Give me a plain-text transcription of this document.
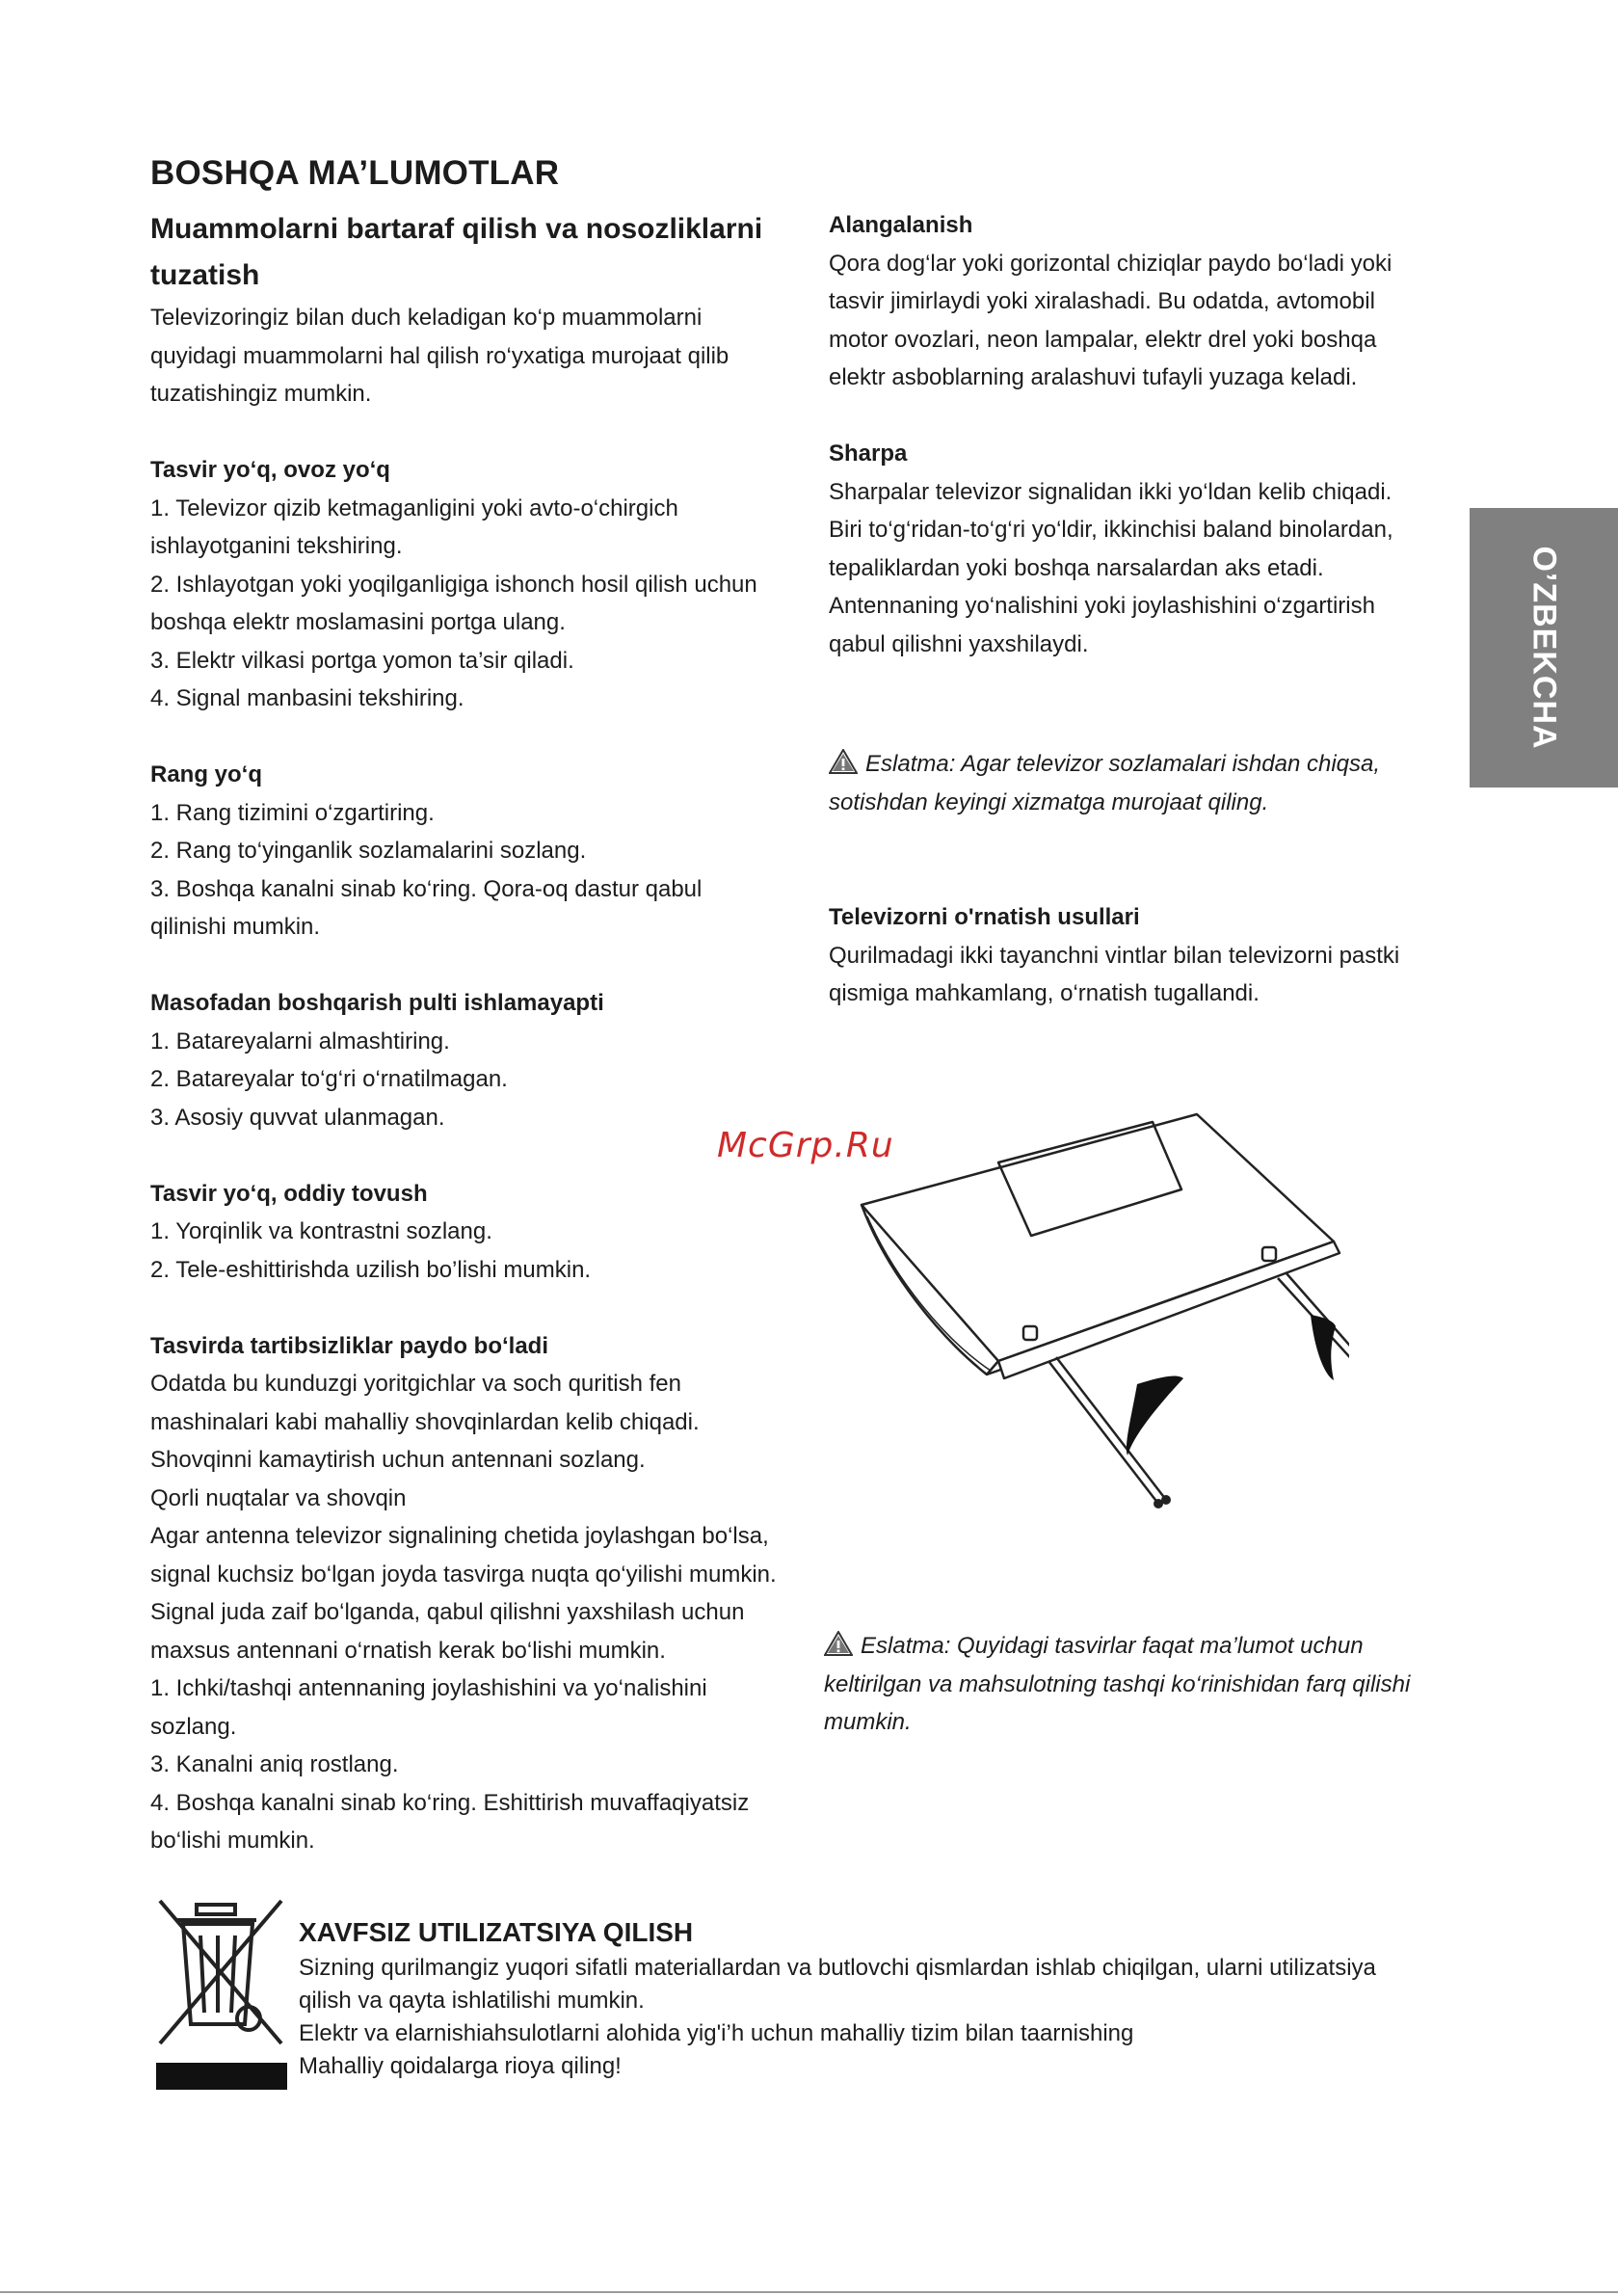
BOSHQA MA’LUMOTLAR
O’ZBEKCHA

Muammolarni bartaraf qilish va nosozliklarni

tuzatish

Televizoringiz bilan duch keladigan ko‘p muammolarni

quyidagi muammolarni hal qilish ro‘yxatiga murojaat qilib

tuzatishingiz mumkin.

Tasvir yo‘q, ovoz yo‘q

1. Televizor qizib ketmaganligini yoki avto-o‘chirgich

ishlayotganini tekshiring.

2. Ishlayotgan yoki yoqilganligiga ishonch hosil qilish uchun

boshqa elektr moslamasini portga ulang.

3. Elektr vilkasi portga yomon ta’sir qiladi.

4. Signal manbasini tekshiring.

Rang yo‘q

1. Rang tizimini o‘zgartiring.

2. Rang to‘yinganlik sozlamalarini sozlang.

3. Boshqa kanalni sinab ko‘ring. Qora-oq dastur qabul

qilinishi mumkin.

Masofadan boshqarish pulti ishlamayapti

1. Batareyalarni almashtiring.

2. Batareyalar to‘g‘ri o‘rnatilmagan.

3. Asosiy quvvat ulanmagan.

Tasvir yo‘q, oddiy tovush

1. Yorqinlik va kontrastni sozlang.

2. Tele-eshittirishda uzilish bo’lishi mumkin.

Tasvirda tartibsizliklar paydo bo‘ladi

Odatda bu kunduzgi yoritgichlar va soch quritish fen

mashinalari kabi mahalliy shovqinlardan kelib chiqadi.

Shovqinni kamaytirish uchun antennani sozlang.

Qorli nuqtalar va shovqin

Agar antenna televizor signalining chetida joylashgan bo‘lsa,

signal kuchsiz bo‘lgan joyda tasvirga nuqta qo‘yilishi mumkin.

Signal juda zaif bo‘lganda, qabul qilishni yaxshilash uchun

maxsus antennani o‘rnatish kerak bo‘lishi mumkin.

1. Ichki/tashqi antennaning joylashishini va yo‘nalishini

sozlang.

3. Kanalni aniq rostlang.

4. Boshqa kanalni sinab ko‘ring. Eshittirish muvaffaqiyatsiz

bo‘lishi mumkin.

Alangalanish

Qora dog‘lar yoki gorizontal chiziqlar paydo bo‘ladi yoki

tasvir jimirlaydi yoki xiralashadi. Bu odatda, avtomobil

motor ovozlari, neon lampalar, elektr drel yoki boshqa

elektr asboblarning aralashuvi tufayli yuzaga keladi.

Sharpa

Sharpalar televizor signalidan ikki yo‘ldan kelib chiqadi.

Biri to‘g‘ridan-to‘g‘ri yo‘ldir, ikkinchisi baland binolardan,

tepaliklardan yoki boshqa narsalardan aks etadi.

Antennaning yo‘nalishini yoki joylashishini o‘zgartirish

qabul qilishni yaxshilaydi.

Eslatma: Agar televizor sozlamalari ishdan chiqsa,

sotishdan keyingi xizmatga murojaat qiling.

Televizorni o'rnatish usullari

Qurilmadagi ikki tayanchni vintlar bilan televizorni pastki

qismiga mahkamlang, o‘rnatish tugallandi.

McGrp.Ru

Eslatma: Quyidagi tasvirlar faqat ma’lumot uchun

keltirilgan va mahsulotning tashqi ko‘rinishidan farq qilishi

mumkin.

XAVFSIZ UTILIZATSIYA QILISH

Sizning qurilmangiz yuqori sifatli materiallardan va butlovchi qismlardan ishlab chiqilgan, ularni utilizatsiya

qilish va qayta ishlatilishi mumkin.

Elektr va elarnishiahsulotlarni alohida yig'i’h uchun mahalliy tizim bilan taarnishing

Mahalliy qoidalarga rioya qiling!
